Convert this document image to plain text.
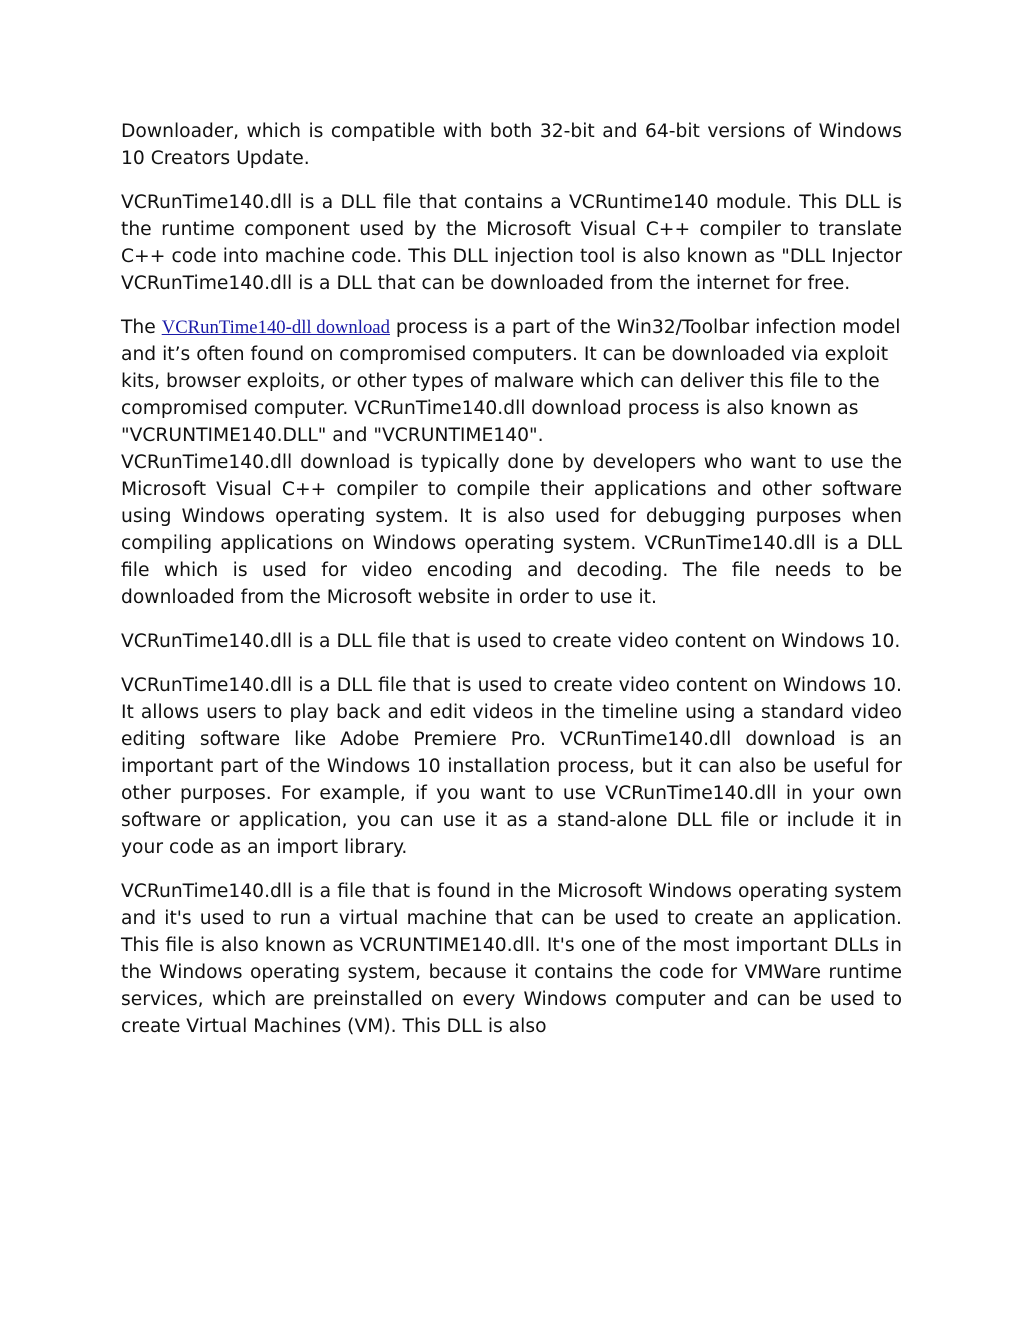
Downloader, which is compatible with both 32-bit and 64-bit versions of Windows 10 Creators Update.

VCRunTime140.dll is a DLL file that contains a VCRuntime140 module. This DLL is the runtime component used by the Microsoft Visual C++ compiler to translate C++ code into machine code. This DLL injection tool is also known as "DLL Injector VCRunTime140.dll is a DLL that can be downloaded from the internet for free.

The VCRunTime140-dll download process is a part of the Win32/Toolbar infection model and it’s often found on compromised computers. It can be downloaded via exploit kits, browser exploits, or other types of malware which can deliver this file to the compromised computer. VCRunTime140.dll download process is also known as "VCRUNTIME140.DLL" and "VCRUNTIME140".

VCRunTime140.dll download is typically done by developers who want to use the Microsoft Visual C++ compiler to compile their applications and other software using Windows operating system. It is also used for debugging purposes when compiling applications on Windows operating system. VCRunTime140.dll is a DLL file which is used for video encoding and decoding. The file needs to be downloaded from the Microsoft website in order to use it.

VCRunTime140.dll is a DLL file that is used to create video content on Windows 10.

VCRunTime140.dll is a DLL file that is used to create video content on Windows 10. It allows users to play back and edit videos in the timeline using a standard video editing software like Adobe Premiere Pro. VCRunTime140.dll download is an important part of the Windows 10 installation process, but it can also be useful for other purposes. For example, if you want to use VCRunTime140.dll in your own software or application, you can use it as a stand-alone DLL file or include it in your code as an import library.

VCRunTime140.dll is a file that is found in the Microsoft Windows operating system and it's used to run a virtual machine that can be used to create an application. This file is also known as VCRUNTIME140.dll. It's one of the most important DLLs in the Windows operating system, because it contains the code for VMWare runtime services, which are preinstalled on every Windows computer and can be used to create Virtual Machines (VM). This DLL is also
